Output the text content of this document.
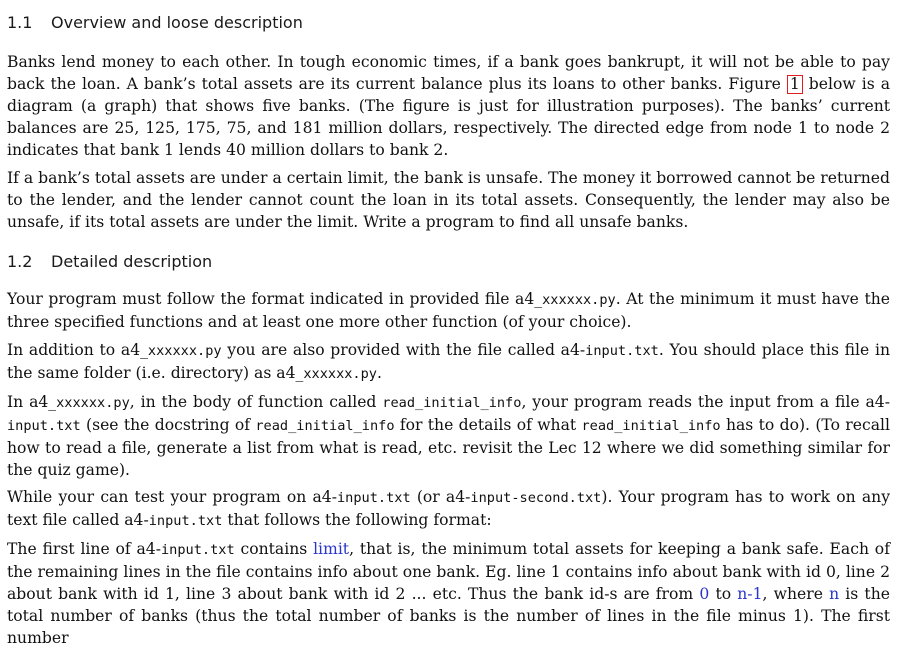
1.1 Overview and loose description
Banks lend money to each other. In tough economic times, if a bank goes bankrupt, it will not be able to pay back the loan. A bank’s total assets are its current balance plus its loans to other banks. Figure 1 below is a diagram (a graph) that shows five banks. (The figure is just for illustration purposes). The banks’ current balances are 25, 125, 175, 75, and 181 million dollars, respectively. The directed edge from node 1 to node 2 indicates that bank 1 lends 40 million dollars to bank 2.
If a bank’s total assets are under a certain limit, the bank is unsafe. The money it borrowed cannot be returned to the lender, and the lender cannot count the loan in its total assets. Consequently, the lender may also be unsafe, if its total assets are under the limit. Write a program to find all unsafe banks.
1.2 Detailed description
Your program must follow the format indicated in provided file a4_xxxxxx.py. At the minimum it must have the three specified functions and at least one more other function (of your choice).
In addition to a4_xxxxxx.py you are also provided with the file called a4-input.txt. You should place this file in the same folder (i.e. directory) as a4_xxxxxx.py.
In a4_xxxxxx.py, in the body of function called read_initial_info, your program reads the input from a file a4-input.txt (see the docstring of read_initial_info for the details of what read_initial_info has to do). (To recall how to read a file, generate a list from what is read, etc. revisit the Lec 12 where we did something similar for the quiz game).
While your can test your program on a4-input.txt (or a4-input-second.txt). Your program has to work on any text file called a4-input.txt that follows the following format:
The first line of a4-input.txt contains limit, that is, the minimum total assets for keeping a bank safe. Each of the remaining lines in the file contains info about one bank. Eg. line 1 contains info about bank with id 0, line 2 about bank with id 1, line 3 about bank with id 2 ... etc. Thus the bank id-s are from 0 to n-1, where n is the total number of banks (thus the total number of banks is the number of lines in the file minus 1). The first number
